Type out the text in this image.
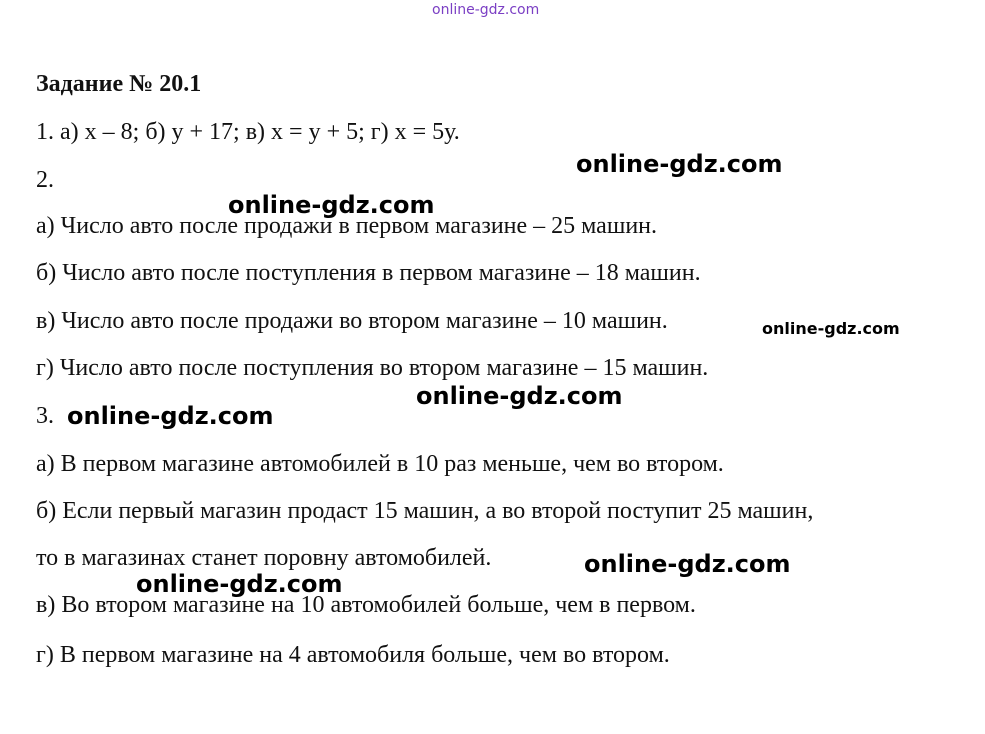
online-gdz.com
Задание № 20.1
1. а) х – 8; б) у + 17; в) х = у + 5; г) х = 5у.
2.
а) Число авто после продажи в первом магазине – 25 машин.
б) Число авто после поступления в первом магазине – 18 машин.
в) Число авто после продажи во втором магазине – 10 машин.
г) Число авто после поступления во втором магазине – 15 машин.
3.
а) В первом магазине автомобилей в 10 раз меньше, чем во втором.
б) Если первый магазин продаст 15 машин, а во второй поступит 25 машин,
то в магазинах станет поровну автомобилей.
в) Во втором магазине на 10 автомобилей больше, чем в первом.
г) В первом магазине на 4 автомобиля больше, чем во втором.
online-gdz.com
online-gdz.com
online-gdz.com
online-gdz.com
online-gdz.com
online-gdz.com
online-gdz.com
